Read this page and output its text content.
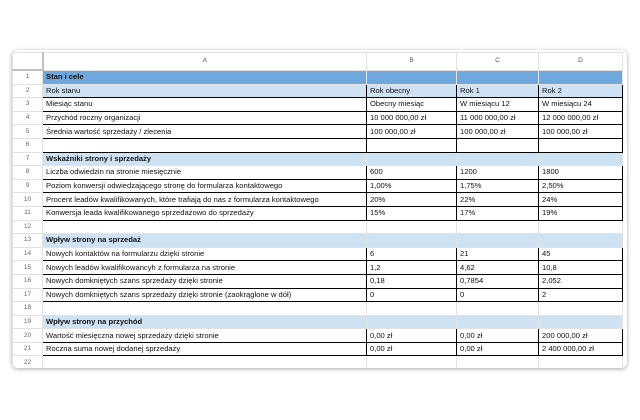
	A	B	C	D
1	Stan i cele			
2	Rok stanu	Rok obecny	Rok 1	Rok 2
3	Miesiąc stanu	Obecny miesiąc	W miesiącu 12	W miesiącu 24
4	Przychód roczny organizacji	10 000 000,00 zł	11 000 000,00 zł	12 000 000,00 zł
5	Średnia wartość sprzedaży / zlecenia	100 000,00 zł	100 000,00 zł	100 000,00 zł
6				
7	Wskaźniki strony i sprzedaży			
8	Liczba odwiedzin na stronie miesięcznie	600	1200	1800
9	Poziom konwersji odwiedzającego stronę do formularza kontaktowego	1,00%	1,75%	2,50%
10	Procent leadów kwalifikowanych, które trafiają do nas z formularza kontaktowego	20%	22%	24%
11	Konwersja leada kwalifikowanego sprzedażowo do sprzedaży	15%	17%	19%
12				
13	Wpływ strony na sprzedaż			
14	Nowych kontaktów na formularzu dzięki stronie	6	21	45
15	Nowych leadów kwalifikowancyh z formularza na stronie	1,2	4,62	10,8
16	Nowych domkniętych szans sprzedaży dzięki stronie	0,18	0,7854	2,052
17	Nowych domkniętych szans sprzedaży dzięki stronie (zaokrąglone w dół)	0	0	2
18				
19	Wpływ strony na przychód			
20	Wartość miesięczna nowej sprzedaży dzięki stronie	0,00 zł	0,00 zł	200 000,00 zł
21	Roczna suma nowej dodanej sprzedaży	0,00 zł	0,00 zł	2 400 000,00 zł
22				
